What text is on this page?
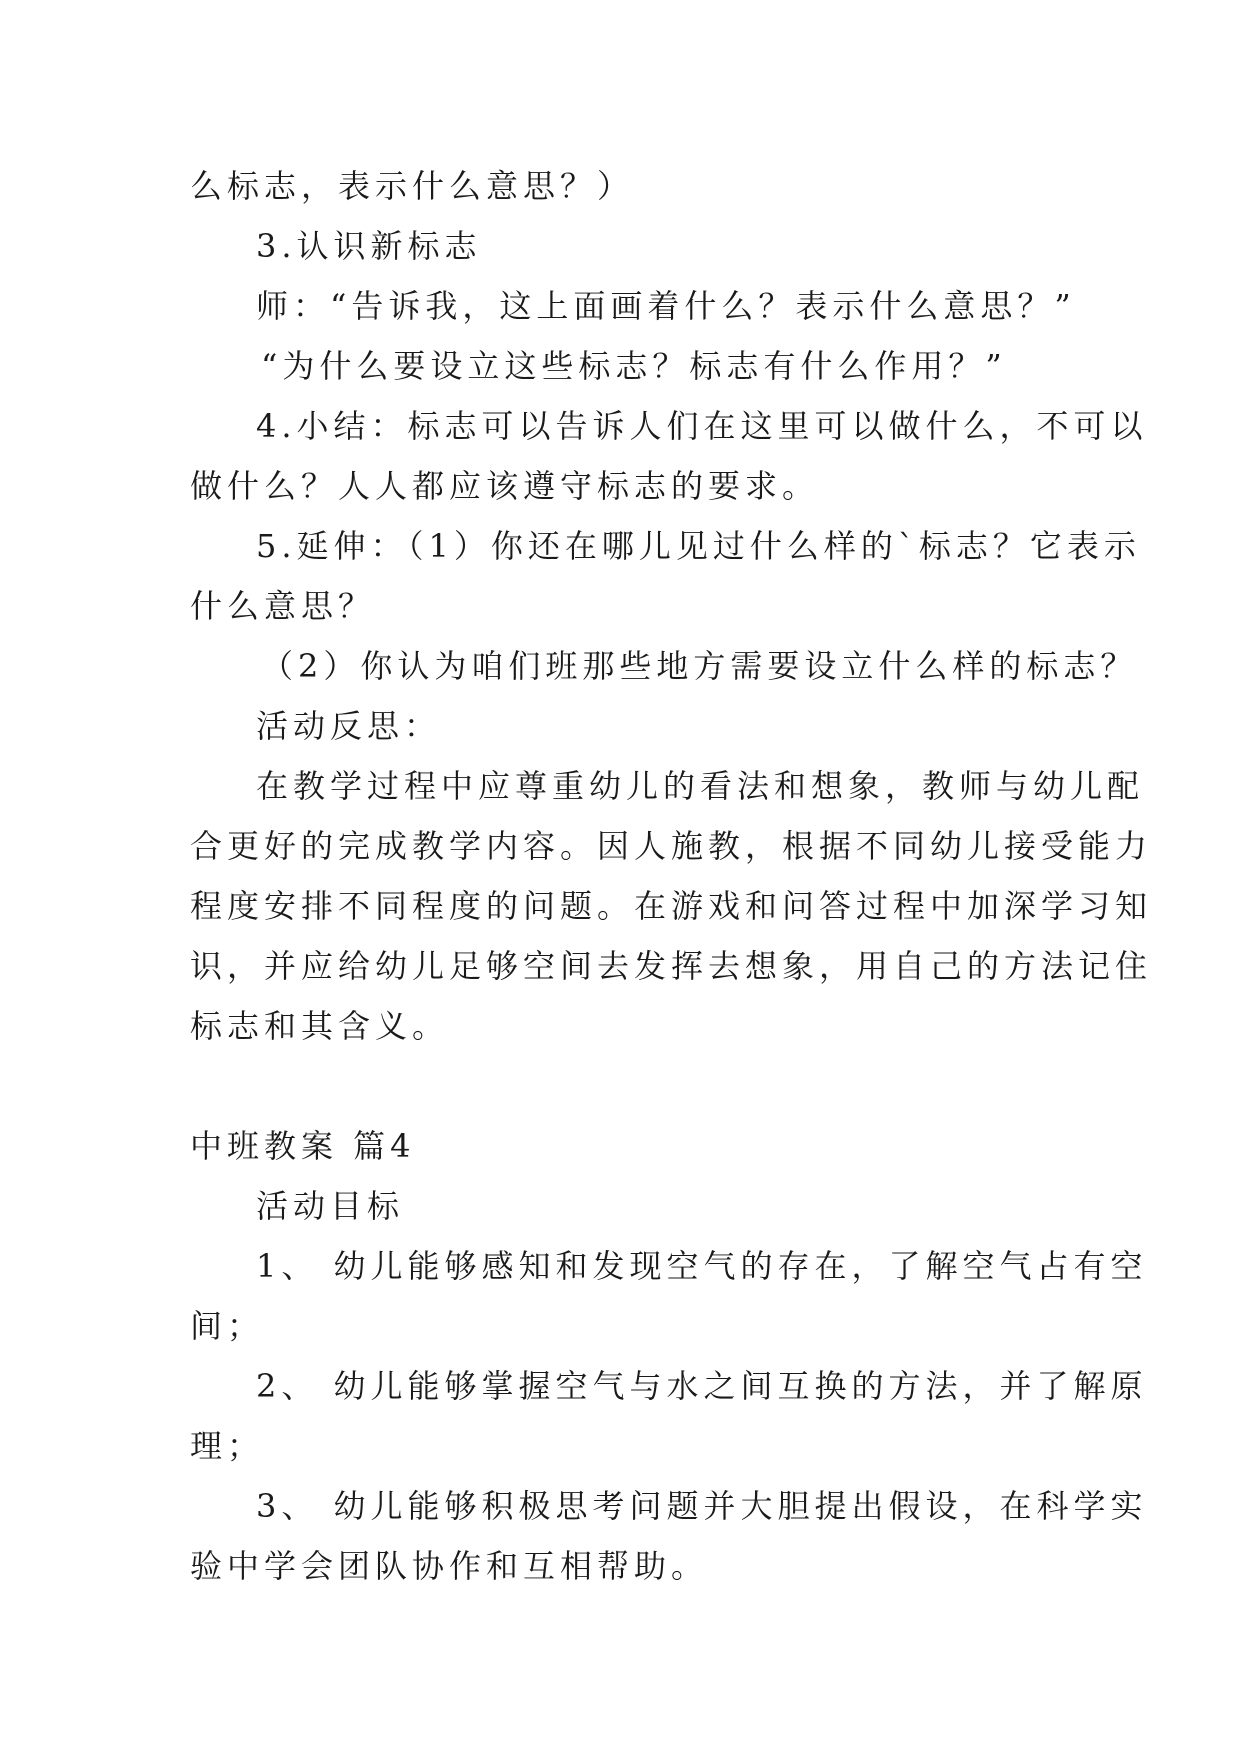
么标志，表示什么意思？）
3.认识新标志
师：“告诉我，这上面画着什么？表示什么意思？”
“为什么要设立这些标志？标志有什么作用？”
4.小结：标志可以告诉人们在这里可以做什么，不可以
做什么？人人都应该遵守标志的要求。
5.延伸：（1）你还在哪儿见过什么样的`标志？它表示
什么意思？
（2）你认为咱们班那些地方需要设立什么样的标志？
活动反思：
在教学过程中应尊重幼儿的看法和想象，教师与幼儿配
合更好的完成教学内容。因人施教，根据不同幼儿接受能力
程度安排不同程度的问题。在游戏和问答过程中加深学习知
识，并应给幼儿足够空间去发挥去想象，用自己的方法记住
标志和其含义。
中班教案 篇4
活动目标
1、 幼儿能够感知和发现空气的存在，了解空气占有空
间；
2、 幼儿能够掌握空气与水之间互换的方法，并了解原
理；
3、 幼儿能够积极思考问题并大胆提出假设，在科学实
验中学会团队协作和互相帮助。
